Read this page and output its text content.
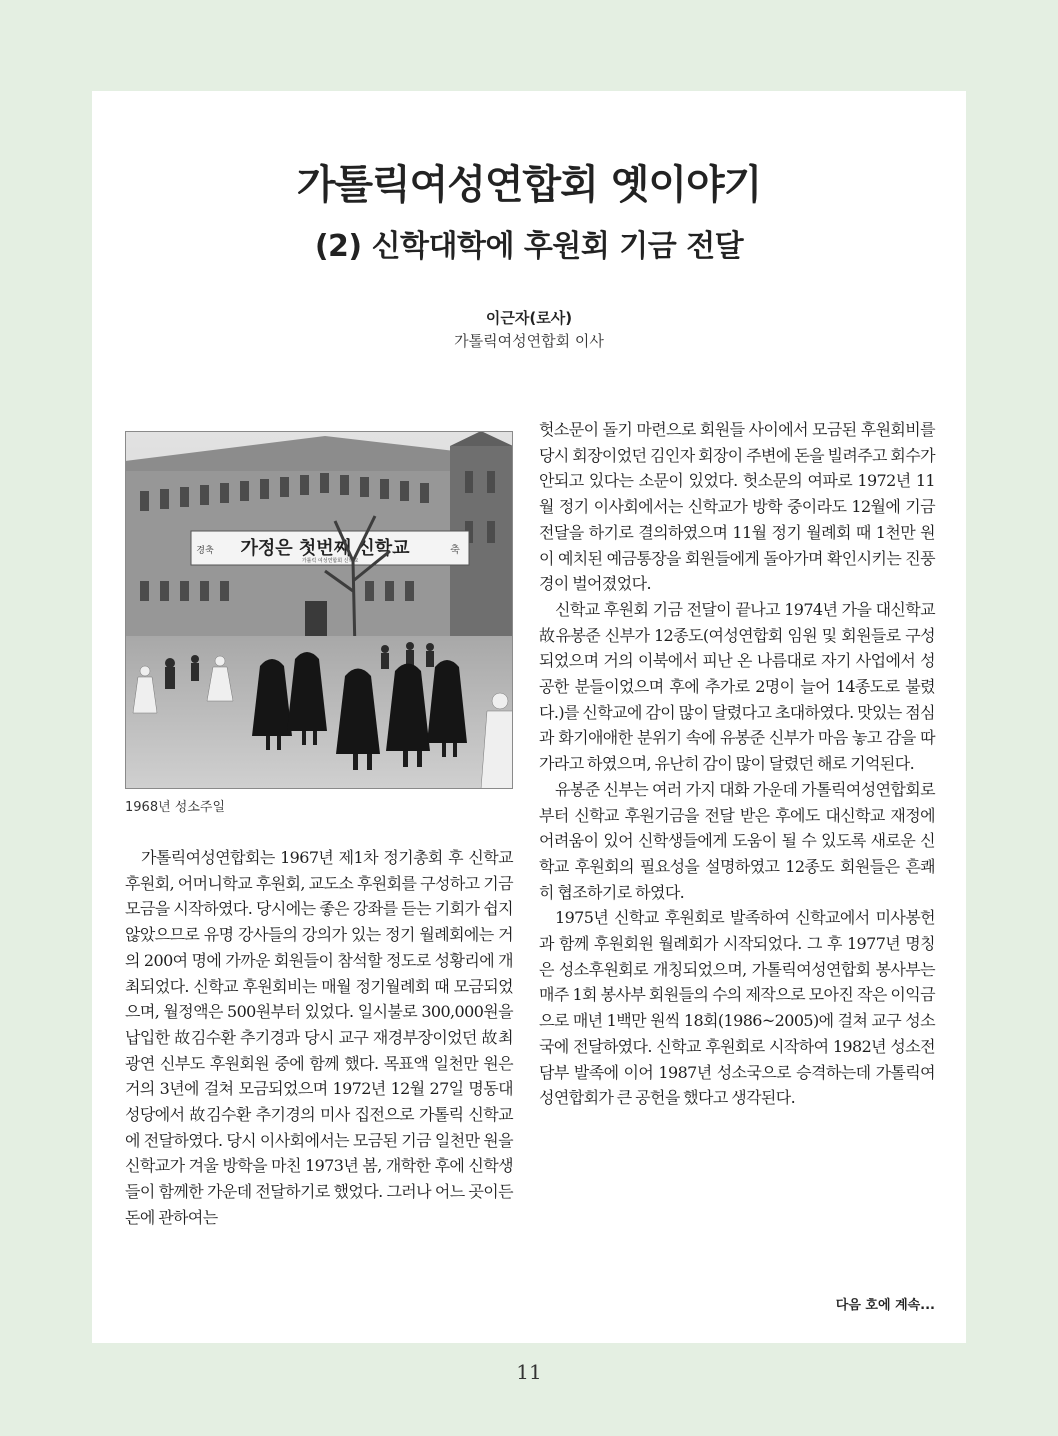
가톨릭여성연합회 옛이야기
(2) 신학대학에 후원회 기금 전달
이근자(로사)
가톨릭여성연합회 이사
가정은 첫번째 신학교
경축	축
가톨릭 여성연합회 신학교
1968년 성소주일

가톨릭여성연합회는 1967년 제1차 정기총회 후 신학교 후원회, 어머니학교 후원회, 교도소 후원회를 구성하고 기금 모금을 시작하였다. 당시에는 좋은 강좌를 듣는 기회가 쉽지 않았으므로 유명 강사들의 강의가 있는 정기 월례회에는 거의 200여 명에 가까운 회원들이 참석할 정도로 성황리에 개최되었다. 신학교 후원회비는 매월 정기월례회 때 모금되었으며, 월정액은 500원부터 있었다. 일시불로 300,000원을 납입한 故김수환 추기경과 당시 교구 재경부장이었던 故최광연 신부도 후원회원 중에 함께 했다. 목표액 일천만 원은 거의 3년에 걸쳐 모금되었으며 1972년 12월 27일 명동대성당에서 故김수환 추기경의 미사 집전으로 가톨릭 신학교에 전달하였다. 당시 이사회에서는 모금된 기금 일천만 원을 신학교가 겨울 방학을 마친 1973년 봄, 개학한 후에 신학생들이 함께한 가운데 전달하기로 했었다. 그러나 어느 곳이든 돈에 관하여는

헛소문이 돌기 마련으로 회원들 사이에서 모금된 후원회비를 당시 회장이었던 김인자 회장이 주변에 돈을 빌려주고 회수가 안되고 있다는 소문이 있었다. 헛소문의 여파로 1972년 11월 정기 이사회에서는 신학교가 방학 중이라도 12월에 기금 전달을 하기로 결의하였으며 11월 정기 월례회 때 1천만 원이 예치된 예금통장을 회원들에게 돌아가며 확인시키는 진풍경이 벌어졌었다.

신학교 후원회 기금 전달이 끝나고 1974년 가을 대신학교 故유봉준 신부가 12종도(여성연합회 임원 및 회원들로 구성되었으며 거의 이북에서 피난 온 나름대로 자기 사업에서 성공한 분들이었으며 후에 추가로 2명이 늘어 14종도로 불렸다.)를 신학교에 감이 많이 달렸다고 초대하였다. 맛있는 점심과 화기애애한 분위기 속에 유봉준 신부가 마음 놓고 감을 따가라고 하였으며, 유난히 감이 많이 달렸던 해로 기억된다.

유봉준 신부는 여러 가지 대화 가운데 가톨릭여성연합회로부터 신학교 후원기금을 전달 받은 후에도 대신학교 재정에 어려움이 있어 신학생들에게 도움이 될 수 있도록 새로운 신학교 후원회의 필요성을 설명하였고 12종도 회원들은 흔쾌히 협조하기로 하였다.

1975년 신학교 후원회로 발족하여 신학교에서 미사봉헌과 함께 후원회원 월례회가 시작되었다. 그 후 1977년 명칭은 성소후원회로 개칭되었으며, 가톨릭여성연합회 봉사부는 매주 1회 봉사부 회원들의 수의 제작으로 모아진 작은 이익금으로 매년 1백만 원씩 18회(1986~2005)에 걸쳐 교구 성소국에 전달하였다. 신학교 후원회로 시작하여 1982년 성소전담부 발족에 이어 1987년 성소국으로 승격하는데 가톨릭여성연합회가 큰 공헌을 했다고 생각된다.

다음 호에 계속...
11
